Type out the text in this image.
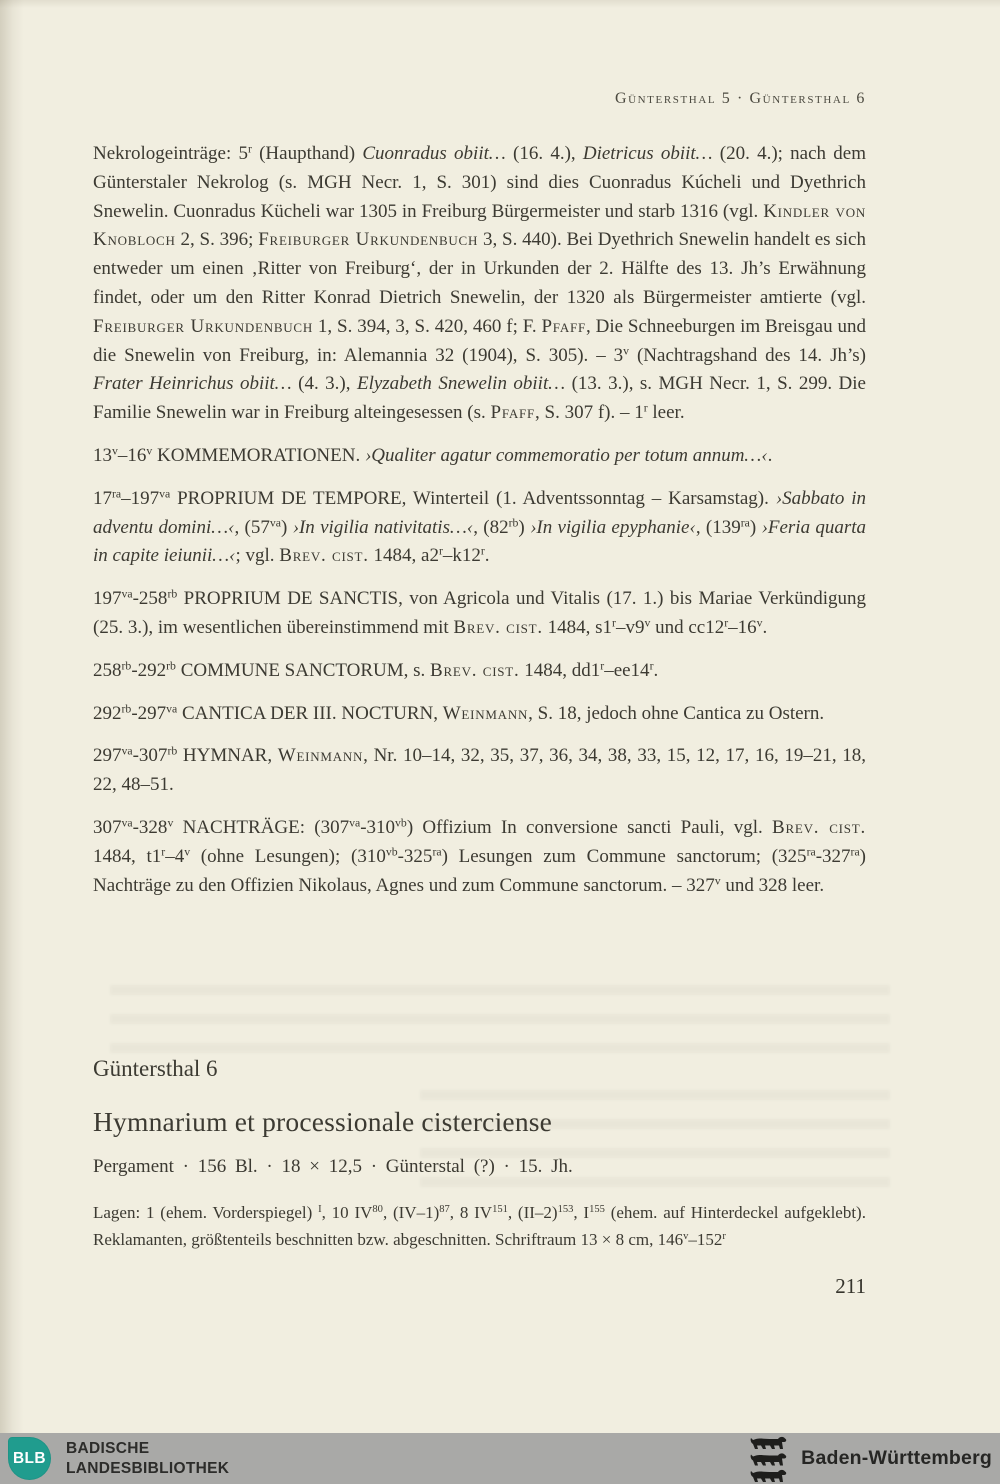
Güntersthal 5 · Güntersthal 6

Nekrologeinträge: 5$^r$ (Haupthand) Cuonradus obiit… (16. 4.), Dietricus obiit… (20. 4.); nach dem Günterstaler Nekrolog (s. MGH Necr. 1, S. 301) sind dies Cuonradus Kúcheli und Dyethrich Snewelin. Cuonradus Kücheli war 1305 in Freiburg Bürgermeister und starb 1316 (vgl. Kindler von Knobloch 2, S. 396; Freiburger Urkundenbuch 3, S. 440). Bei Dyethrich Snewelin handelt es sich entweder um einen ‚Ritter von Freiburg‘, der in Urkunden der 2. Hälfte des 13. Jh’s Erwähnung findet, oder um den Ritter Konrad Dietrich Snewelin, der 1320 als Bürgermeister amtierte (vgl. Freiburger Urkundenbuch 1, S. 394, 3, S. 420, 460 f; F. Pfaff, Die Schneeburgen im Breisgau und die Snewelin von Freiburg, in: Alemannia 32 (1904), S. 305). – 3$^v$ (Nachtragshand des 14. Jh’s) Frater Heinrichus obiit… (4. 3.), Elyzabeth Snewelin obiit… (13. 3.), s. MGH Necr. 1, S. 299. Die Familie Snewelin war in Freiburg alteingesessen (s. Pfaff, S. 307 f). – 1$^r$ leer.

13$^v$–16$^v$ KOMMEMORATIONEN. ›Qualiter agatur commemoratio per totum annum…‹.

$17^{ra}-197^{va}$ PROPRIUM DE TEMPORE, Winterteil (1. Adventssonntag – Karsamstag). ›Sabbato in adventu domini…‹, $(57^{va})$ ›In vigilia nativitatis…‹, $(82^{rb})$ ›In vigilia epyphanie‹, $(139^{ra})$ ›Feria quarta in capite ieiunii…‹; vgl. Brev. cist. 1484, a2$^r$–k12$^r$.

$197^{va}-258^{rb}$ PROPRIUM DE SANCTIS, von Agricola und Vitalis (17. 1.) bis Mariae Verkündigung (25. 3.), im wesentlichen übereinstimmend mit Brev. cist. 1484, s1$^r$–v9$^v$ und cc12$^r$–16$^v$.

$258^{rb}-292^{rb}$ COMMUNE SANCTORUM, s. Brev. cist. 1484, dd1$^r$–ee14$^r$.

$292^{rb}-297^{va}$ CANTICA DER III. NOCTURN, Weinmann, S. 18, jedoch ohne Cantica zu Ostern.

$297^{va}-307^{rb}$ HYMNAR, Weinmann, Nr. 10–14, 32, 35, 37, 36, 34, 38, 33, 15, 12, 17, 16, 19–21, 18, 22, 48–51.

$307^{va}-328^v$ NACHTRÄGE: $(307^{va}-310^{vb})$ Offizium In conversione sancti Pauli, vgl. Brev. cist. 1484, t1$^r$–4$^v$ (ohne Lesungen); $(310^{vb}-325^{ra})$ Lesungen zum Commune sanctorum; $(325^{ra}-327^{ra})$ Nachträge zu den Offizien Nikolaus, Agnes und zum Commune sanctorum. – 327$^v$ und 328 leer.

Güntersthal 6
Hymnarium et processionale cisterciense
Pergament · 156 Bl. · 18 × 12,5 · Günterstal (?) · 15. Jh.

Lagen: 1 (ehem. Vorderspiegel) $^I$, 10 IV$^{80}$, $(IV-1)^{87}$, 8 IV$^{151}$, $(II-2)^{153}$, $I^{155}$ (ehem. auf Hinterdeckel aufgeklebt). Reklamanten, größtenteils beschnitten bzw. abgeschnitten. Schriftraum 13 × 8 cm, 146$^v$–152$^r$

211
BLB
BADISCHE
LANDESBIBLIOTHEK	Baden-Württemberg
